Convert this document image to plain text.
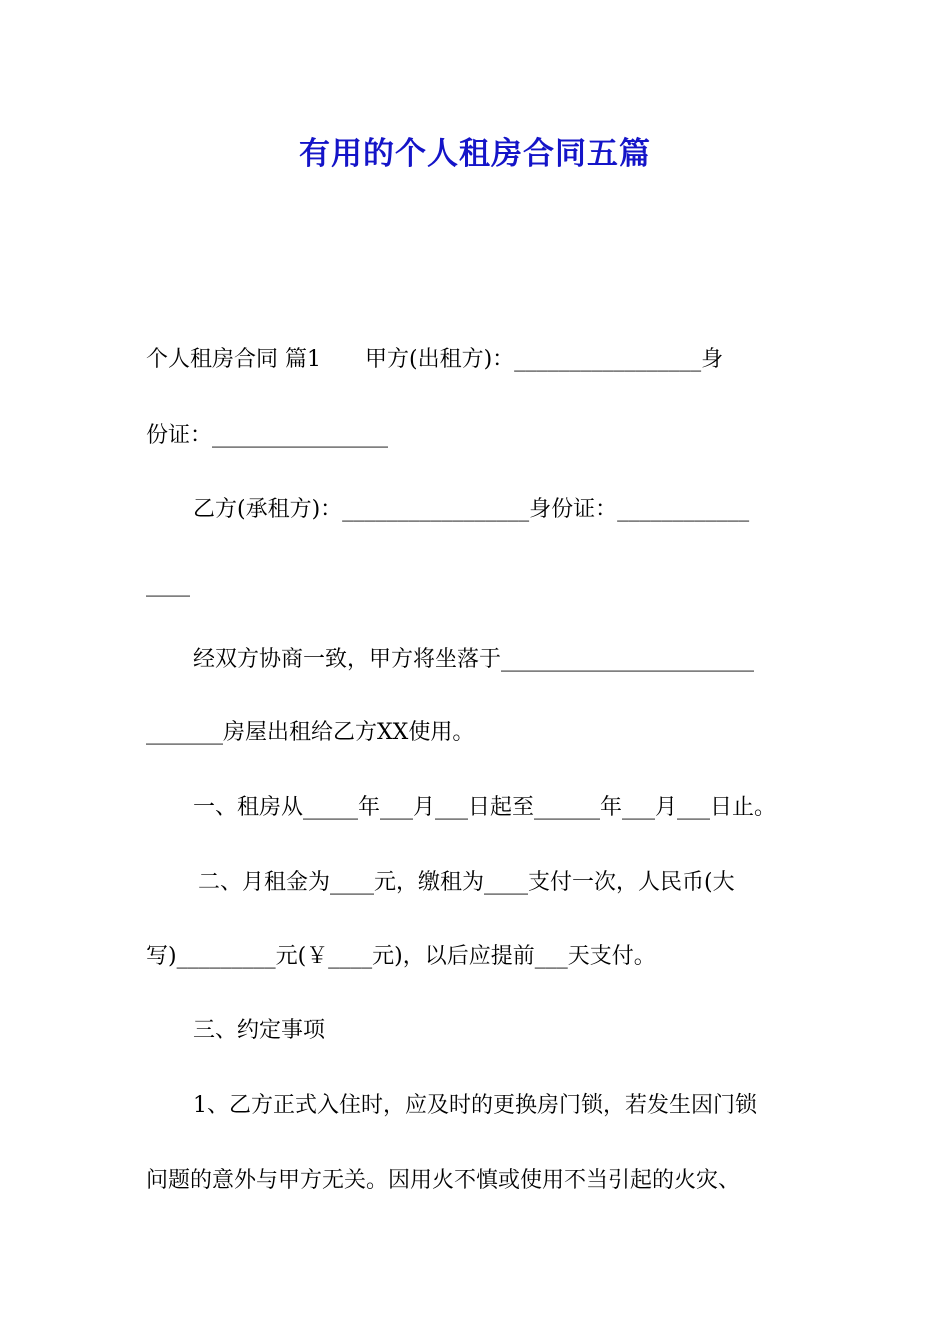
有用的个人租房合同五篇
个人租房合同 篇1　　甲方(出租方)：_________________身
份证：________________
乙方(承租方)：_________________身份证：____________
____
经双方协商一致，甲方将坐落于_______________________
_______房屋出租给乙方XX使用。
一、租房从_____年___月___日起至______年___月___日止。
二、月租金为____元，缴租为____支付一次，人民币(大
写)_________元(￥____元)，以后应提前___天支付。
三、约定事项
1、乙方正式入住时，应及时的更换房门锁，若发生因门锁
问题的意外与甲方无关。因用火不慎或使用不当引起的火灾、
